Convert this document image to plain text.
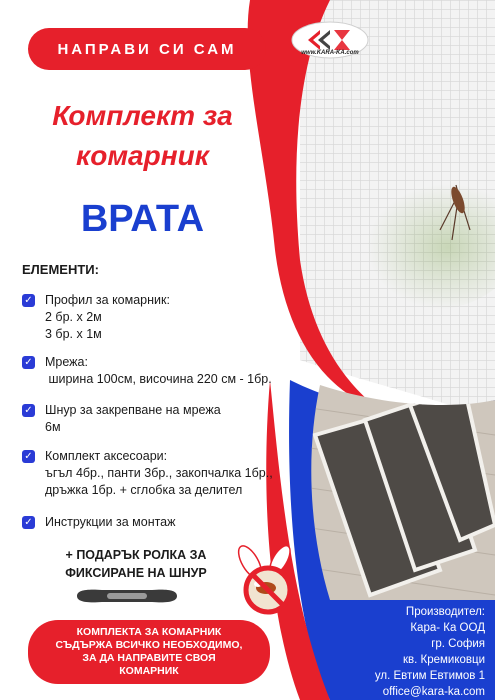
НАПРАВИ СИ САМ	www.KARA-KA.com
Комплект за
комарник
ВРАТА
ЕЛЕМЕНТИ:
✓ Профил за комарник:
2 бр. х 2м
3 бр. х 1м
✓ Мрежа:
ширина 100см, височина 220 см - 1бр.
✓ Шнур за закрепване на мрежа
6м
✓ Комплект аксесоари:
ъгъл 4бр., панти 3бр., закопчалка 1бр.,
дръжка 1бр. + сглобка за делител
✓ Инструкции за монтаж
+ ПОДАРЪК РОЛКА ЗА
ФИКСИРАНЕ НА ШНУР
КОМПЛЕКТА ЗА КОМАРНИК
СЪДЪРЖА ВСИЧКО НЕОБХОДИМО,
ЗА ДА НАПРАВИТЕ СВОЯ
КОМАРНИК
Производител:
Кара- Ка ООД
гр. София
кв. Кремиковци
ул. Евтим Евтимов 1
office@kara-ka.com
